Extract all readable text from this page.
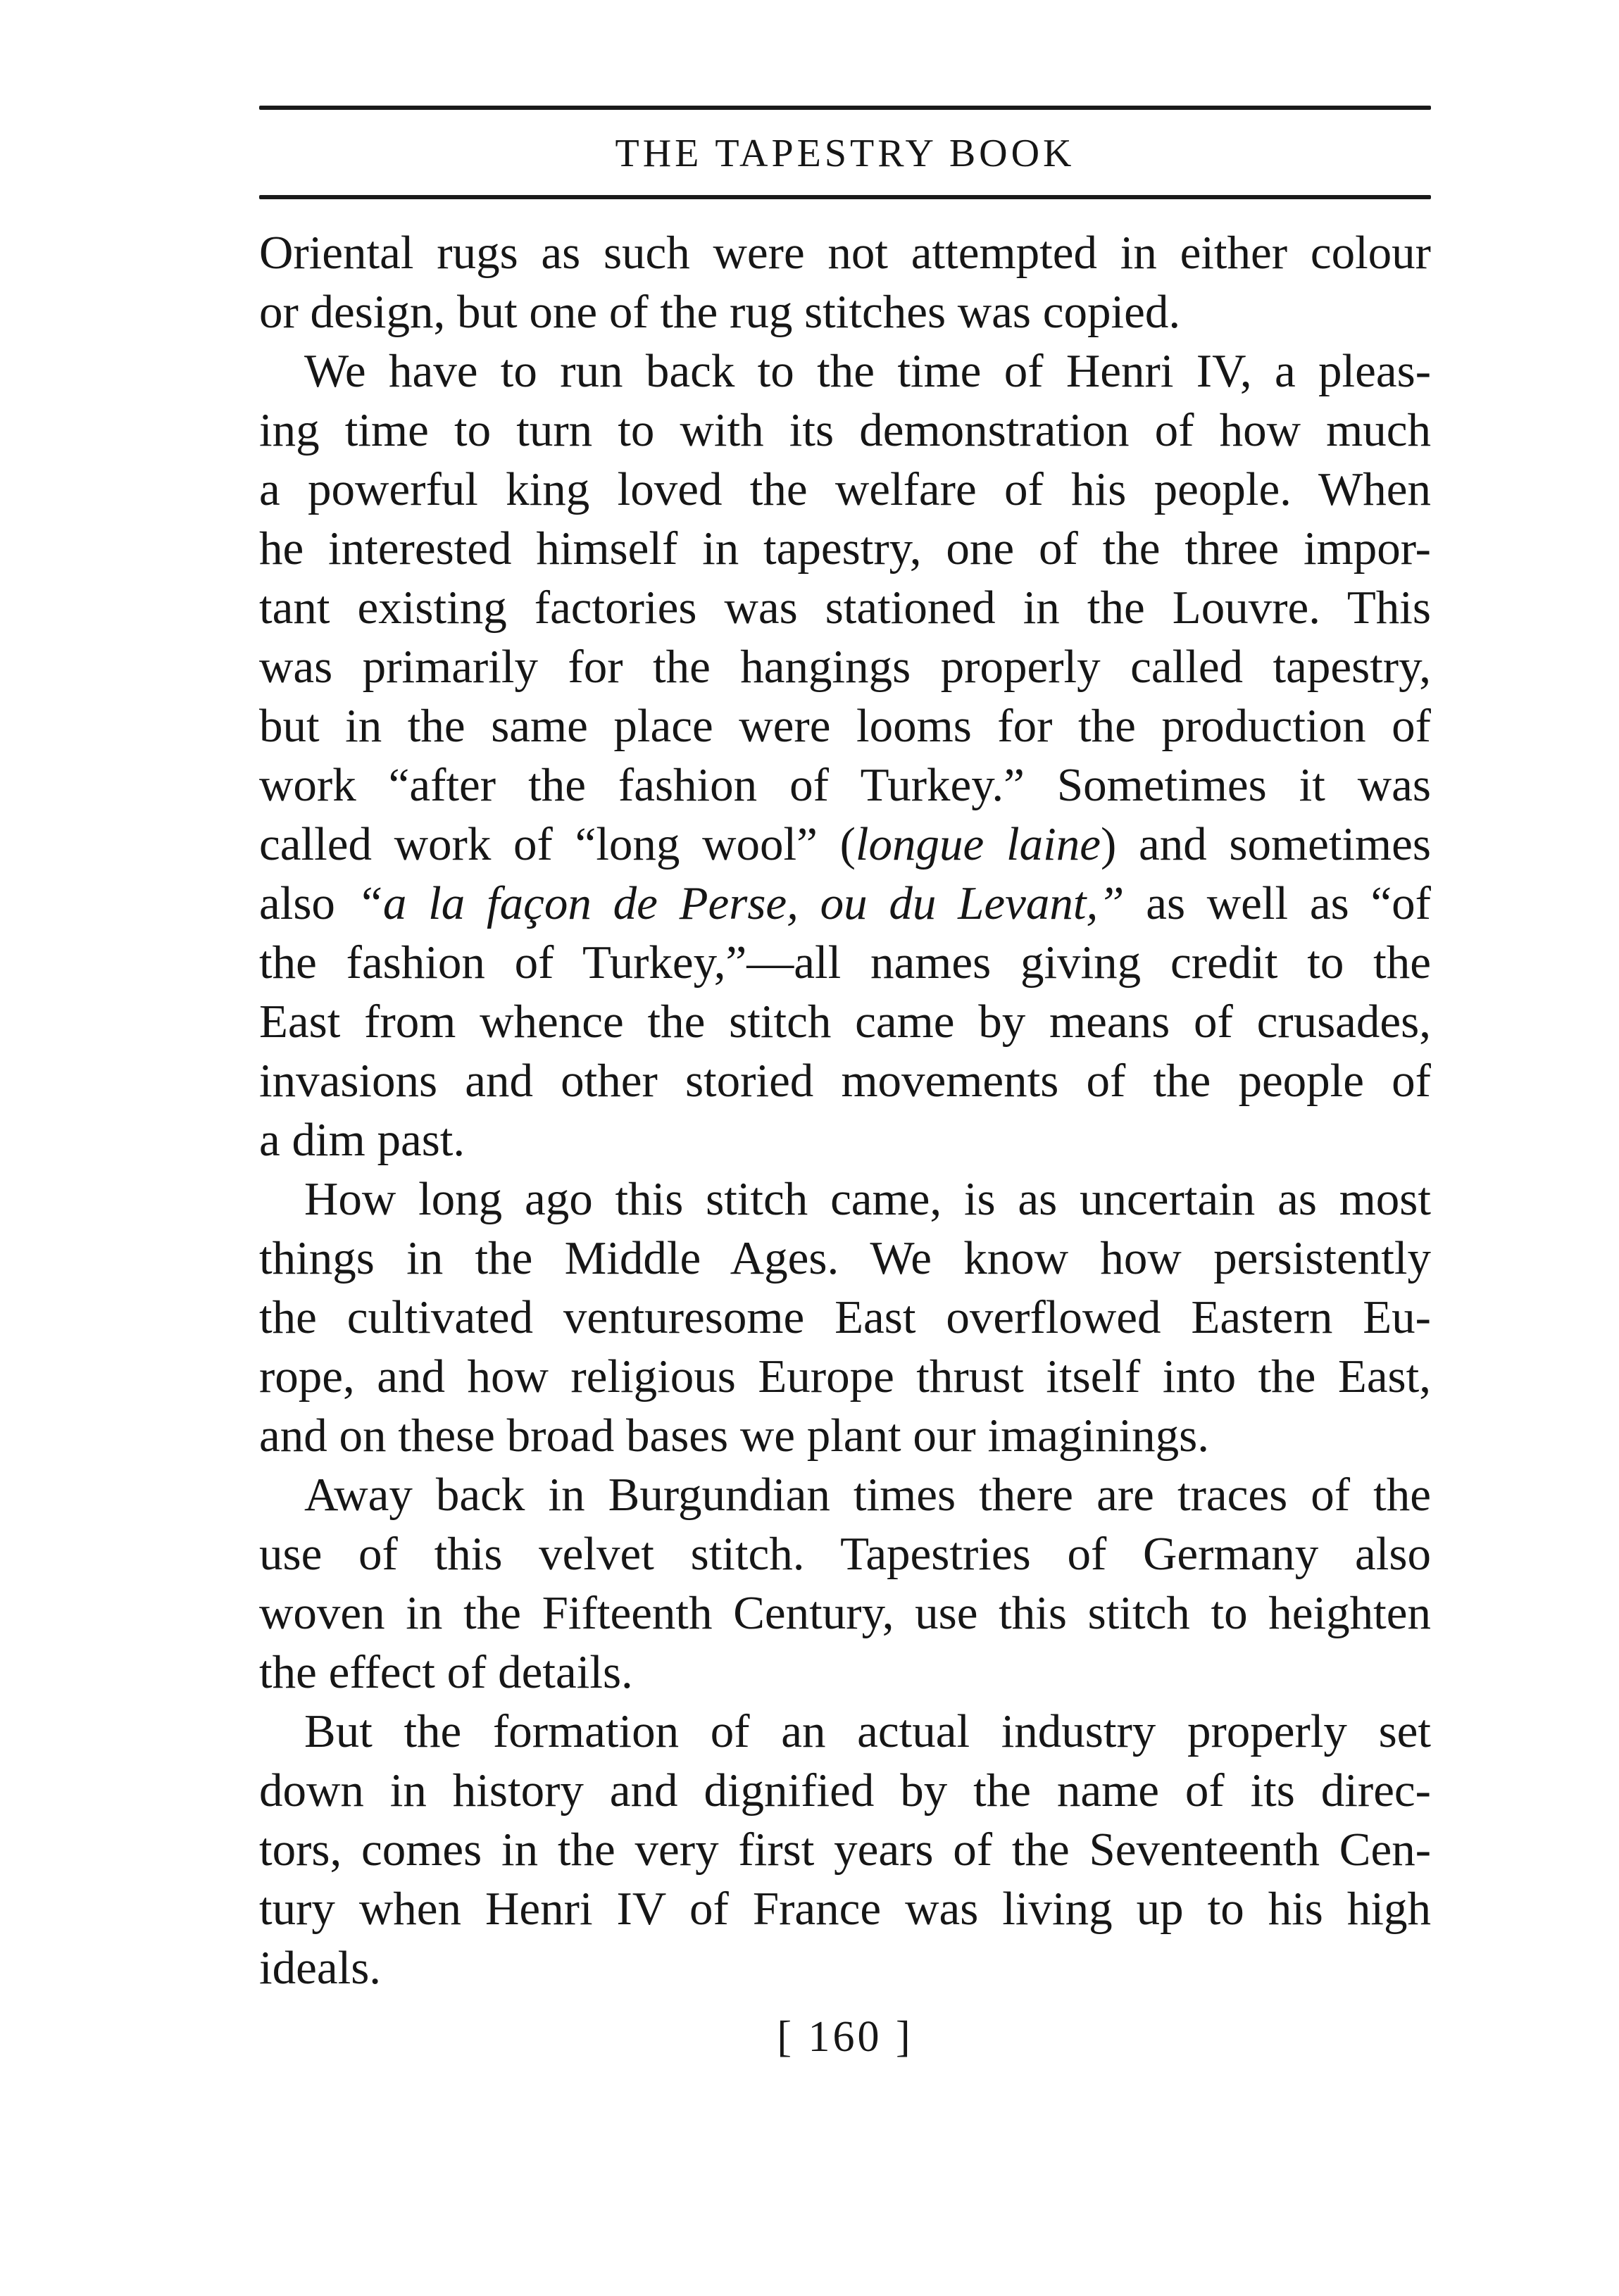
THE TAPESTRY BOOK
Oriental rugs as such were not attempted in either colour
or design, but one of the rug stitches was copied.
We have to run back to the time of Henri IV, a pleas-
ing time to turn to with its demonstration of how much
a powerful king loved the welfare of his people. When
he interested himself in tapestry, one of the three impor-
tant existing factories was stationed in the Louvre. This
was primarily for the hangings properly called tapestry,
but in the same place were looms for the production of
work “after the fashion of Turkey.” Sometimes it was
called work of “long wool” (longue laine) and sometimes
also “a la façon de Perse, ou du Levant,” as well as “of
the fashion of Turkey,”—all names giving credit to the
East from whence the stitch came by means of crusades,
invasions and other storied movements of the people of
a dim past.
How long ago this stitch came, is as uncertain as most
things in the Middle Ages. We know how persistently
the cultivated venturesome East overflowed Eastern Eu-
rope, and how religious Europe thrust itself into the East,
and on these broad bases we plant our imaginings.
Away back in Burgundian times there are traces of the
use of this velvet stitch. Tapestries of Germany also
woven in the Fifteenth Century, use this stitch to heighten
the effect of details.
But the formation of an actual industry properly set
down in history and dignified by the name of its direc-
tors, comes in the very first years of the Seventeenth Cen-
tury when Henri IV of France was living up to his high
ideals.
[ 160 ]
